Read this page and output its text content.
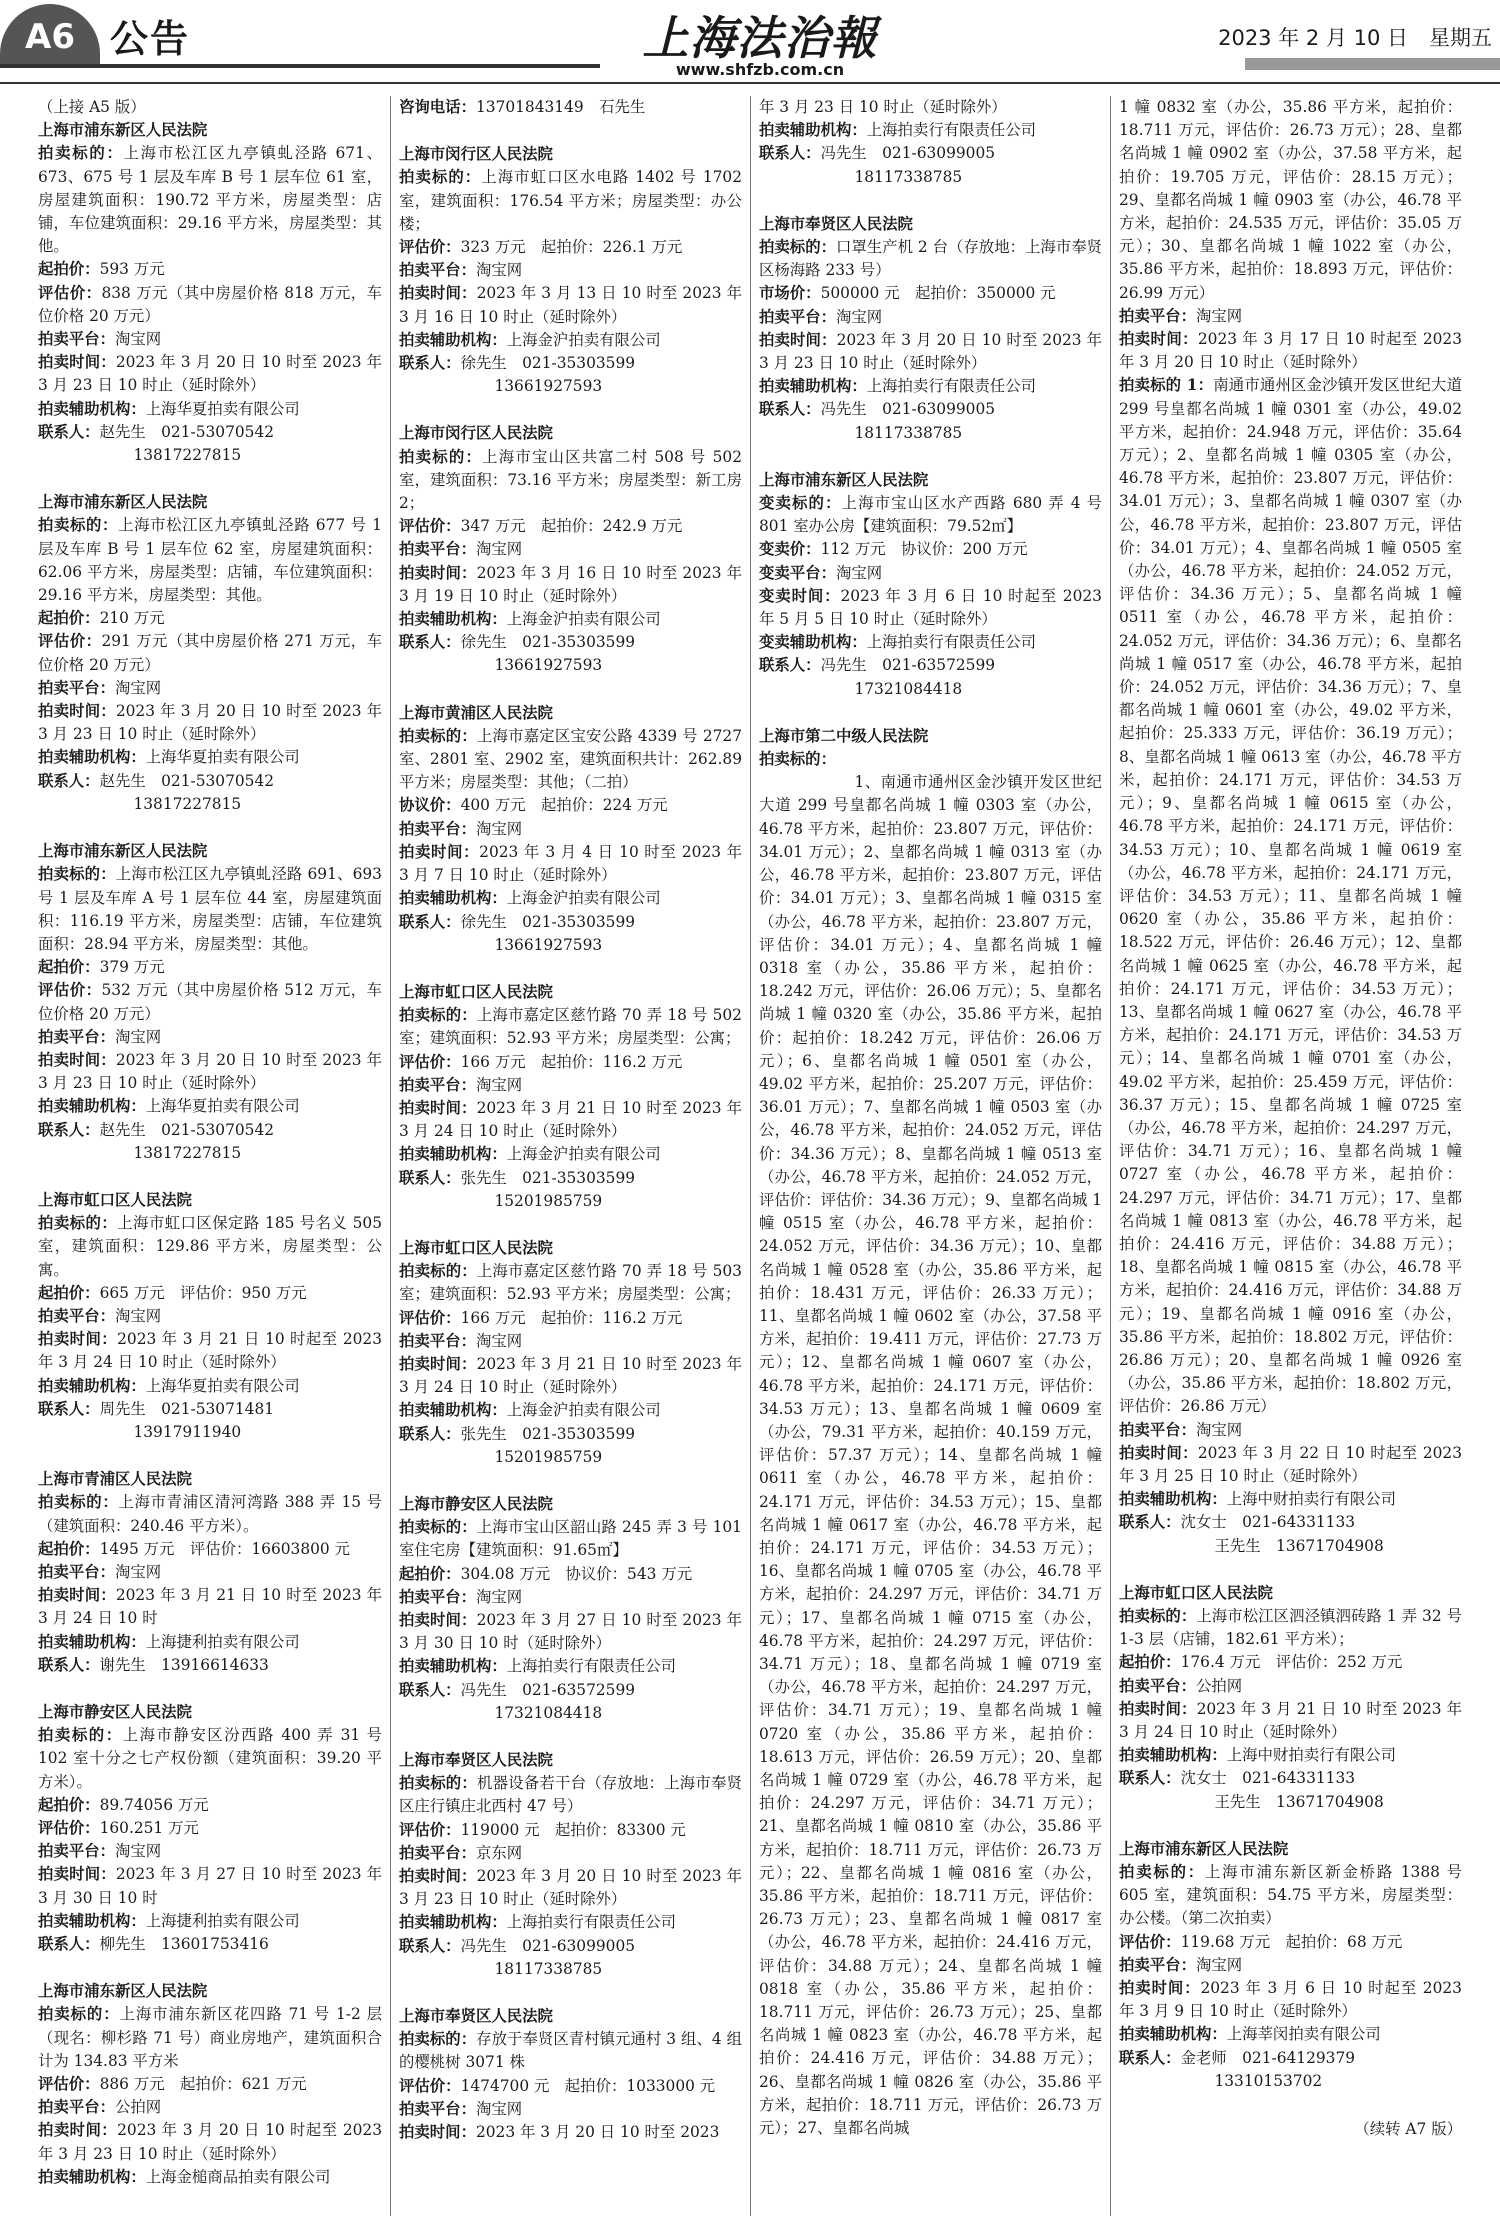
A6 公告	上海法治報
www.shfzb.com.cn
2023 年 2 月 10 日　星期五

（上接 A5 版）

上海市浦东新区人民法院

拍卖标的：上海市松江区九亭镇虬泾路 671、673、675 号 1 层及车库 B 号 1 层车位 61 室，房屋建筑面积：190.72 平方米，房屋类型：店铺，车位建筑面积：29.16 平方米，房屋类型：其他。

起拍价：593 万元

评估价：838 万元（其中房屋价格 818 万元，车位价格 20 万元）

拍卖平台：淘宝网

拍卖时间：2023 年 3 月 20 日 10 时至 2023 年 3 月 23 日 10 时止（延时除外）

拍卖辅助机构：上海华夏拍卖有限公司

联系人：赵先生　021-53070542

13817227815

上海市浦东新区人民法院

拍卖标的：上海市松江区九亭镇虬泾路 677 号 1 层及车库 B 号 1 层车位 62 室，房屋建筑面积：62.06 平方米，房屋类型：店铺，车位建筑面积：29.16 平方米，房屋类型：其他。

起拍价：210 万元

评估价：291 万元（其中房屋价格 271 万元，车位价格 20 万元）

拍卖平台：淘宝网

拍卖时间：2023 年 3 月 20 日 10 时至 2023 年 3 月 23 日 10 时止（延时除外）

拍卖辅助机构：上海华夏拍卖有限公司

联系人：赵先生　021-53070542

13817227815

上海市浦东新区人民法院

拍卖标的：上海市松江区九亭镇虬泾路 691、693 号 1 层及车库 A 号 1 层车位 44 室，房屋建筑面积：116.19 平方米，房屋类型：店铺，车位建筑面积：28.94 平方米，房屋类型：其他。

起拍价：379 万元

评估价：532 万元（其中房屋价格 512 万元，车位价格 20 万元）

拍卖平台：淘宝网

拍卖时间：2023 年 3 月 20 日 10 时至 2023 年 3 月 23 日 10 时止（延时除外）

拍卖辅助机构：上海华夏拍卖有限公司

联系人：赵先生　021-53070542

13817227815

上海市虹口区人民法院

拍卖标的：上海市虹口区保定路 185 号名义 505 室，建筑面积：129.86 平方米，房屋类型：公寓。

起拍价：665 万元　评估价：950 万元

拍卖平台：淘宝网

拍卖时间：2023 年 3 月 21 日 10 时起至 2023 年 3 月 24 日 10 时止（延时除外）

拍卖辅助机构：上海华夏拍卖有限公司

联系人：周先生　021-53071481

13917911940

上海市青浦区人民法院

拍卖标的：上海市青浦区清河湾路 388 弄 15 号（建筑面积：240.46 平方米）。

起拍价：1495 万元　评估价：16603800 元

拍卖平台：淘宝网

拍卖时间：2023 年 3 月 21 日 10 时至 2023 年 3 月 24 日 10 时

拍卖辅助机构：上海捷利拍卖有限公司

联系人：谢先生　13916614633

上海市静安区人民法院

拍卖标的：上海市静安区汾西路 400 弄 31 号 102 室十分之七产权份额（建筑面积：39.20 平方米）。

起拍价：89.74056 万元

评估价：160.251 万元

拍卖平台：淘宝网

拍卖时间：2023 年 3 月 27 日 10 时至 2023 年 3 月 30 日 10 时

拍卖辅助机构：上海捷利拍卖有限公司

联系人：柳先生　13601753416

上海市浦东新区人民法院

拍卖标的：上海市浦东新区花四路 71 号 1-2 层（现名：柳杉路 71 号）商业房地产，建筑面积合计为 134.83 平方米

评估价：886 万元　起拍价：621 万元

拍卖平台：公拍网

拍卖时间：2023 年 3 月 20 日 10 时起至 2023 年 3 月 23 日 10 时止（延时除外）

拍卖辅助机构：上海金槌商品拍卖有限公司

咨询电话：13701843149　石先生

上海市闵行区人民法院

拍卖标的：上海市虹口区水电路 1402 号 1702 室，建筑面积：176.54 平方米；房屋类型：办公楼；

评估价：323 万元　起拍价：226.1 万元

拍卖平台：淘宝网

拍卖时间：2023 年 3 月 13 日 10 时至 2023 年 3 月 16 日 10 时止（延时除外）

拍卖辅助机构：上海金沪拍卖有限公司

联系人：徐先生　021-35303599

13661927593

上海市闵行区人民法院

拍卖标的：上海市宝山区共富二村 508 号 502 室，建筑面积：73.16 平方米；房屋类型：新工房 2；

评估价：347 万元　起拍价：242.9 万元

拍卖平台：淘宝网

拍卖时间：2023 年 3 月 16 日 10 时至 2023 年 3 月 19 日 10 时止（延时除外）

拍卖辅助机构：上海金沪拍卖有限公司

联系人：徐先生　021-35303599

13661927593

上海市黄浦区人民法院

拍卖标的：上海市嘉定区宝安公路 4339 号 2727 室、2801 室、2902 室，建筑面积共计：262.89 平方米；房屋类型：其他；（二拍）

协议价：400 万元　起拍价：224 万元

拍卖平台：淘宝网

拍卖时间：2023 年 3 月 4 日 10 时至 2023 年 3 月 7 日 10 时止（延时除外）

拍卖辅助机构：上海金沪拍卖有限公司

联系人：徐先生　021-35303599

13661927593

上海市虹口区人民法院

拍卖标的：上海市嘉定区慈竹路 70 弄 18 号 502 室；建筑面积：52.93 平方米；房屋类型：公寓；

评估价：166 万元　起拍价：116.2 万元

拍卖平台：淘宝网

拍卖时间：2023 年 3 月 21 日 10 时至 2023 年 3 月 24 日 10 时止（延时除外）

拍卖辅助机构：上海金沪拍卖有限公司

联系人：张先生　021-35303599

15201985759

上海市虹口区人民法院

拍卖标的：上海市嘉定区慈竹路 70 弄 18 号 503 室；建筑面积：52.93 平方米；房屋类型：公寓；

评估价：166 万元　起拍价：116.2 万元

拍卖平台：淘宝网

拍卖时间：2023 年 3 月 21 日 10 时至 2023 年 3 月 24 日 10 时止（延时除外）

拍卖辅助机构：上海金沪拍卖有限公司

联系人：张先生　021-35303599

15201985759

上海市静安区人民法院

拍卖标的：上海市宝山区韶山路 245 弄 3 号 101 室住宅房【建筑面积：91.65㎡】

起拍价：304.08 万元　协议价：543 万元

拍卖平台：淘宝网

拍卖时间：2023 年 3 月 27 日 10 时至 2023 年 3 月 30 日 10 时（延时除外）

拍卖辅助机构：上海拍卖行有限责任公司

联系人：冯先生　021-63572599

17321084418

上海市奉贤区人民法院

拍卖标的：机器设备若干台（存放地：上海市奉贤区庄行镇庄北西村 47 号）

评估价：119000 元　起拍价：83300 元

拍卖平台：京东网

拍卖时间：2023 年 3 月 20 日 10 时至 2023 年 3 月 23 日 10 时止（延时除外）

拍卖辅助机构：上海拍卖行有限责任公司

联系人：冯先生　021-63099005

18117338785

上海市奉贤区人民法院

拍卖标的：存放于奉贤区青村镇元通村 3 组、4 组的樱桃树 3071 株

评估价：1474700 元　起拍价：1033000 元

拍卖平台：淘宝网

拍卖时间：2023 年 3 月 20 日 10 时至 2023

年 3 月 23 日 10 时止（延时除外）

拍卖辅助机构：上海拍卖行有限责任公司

联系人：冯先生　021-63099005

18117338785

上海市奉贤区人民法院

拍卖标的：口罩生产机 2 台（存放地：上海市奉贤区杨海路 233 号）

市场价：500000 元　起拍价：350000 元

拍卖平台：淘宝网

拍卖时间：2023 年 3 月 20 日 10 时至 2023 年 3 月 23 日 10 时止（延时除外）

拍卖辅助机构：上海拍卖行有限责任公司

联系人：冯先生　021-63099005

18117338785

上海市浦东新区人民法院

变卖标的：上海市宝山区水产西路 680 弄 4 号 801 室办公房【建筑面积：79.52㎡】

变卖价：112 万元　协议价：200 万元

变卖平台：淘宝网

变卖时间：2023 年 3 月 6 日 10 时起至 2023 年 5 月 5 日 10 时止（延时除外）

变卖辅助机构：上海拍卖行有限责任公司

联系人：冯先生　021-63572599

17321084418

上海市第二中级人民法院

拍卖标的：

1、南通市通州区金沙镇开发区世纪大道 299 号皇都名尚城 1 幢 0303 室（办公，46.78 平方米，起拍价：23.807 万元，评估价：34.01 万元）；2、皇都名尚城 1 幢 0313 室（办公，46.78 平方米，起拍价：23.807 万元，评估价：34.01 万元）；3、皇都名尚城 1 幢 0315 室（办公，46.78 平方米，起拍价：23.807 万元，评估价：34.01 万元）；4、皇都名尚城 1 幢 0318 室（办公，35.86 平方米，起拍价：18.242 万元，评估价：26.06 万元）；5、皇都名尚城 1 幢 0320 室（办公，35.86 平方米，起拍价：起拍价：18.242 万元，评估价：26.06 万元）；6、皇都名尚城 1 幢 0501 室（办公，49.02 平方米，起拍价：25.207 万元，评估价：36.01 万元）；7、皇都名尚城 1 幢 0503 室（办公，46.78 平方米，起拍价：24.052 万元，评估价：34.36 万元）；8、皇都名尚城 1 幢 0513 室（办公，46.78 平方米，起拍价：24.052 万元，评估价：评估价：34.36 万元）；9、皇都名尚城 1 幢 0515 室（办公，46.78 平方米，起拍价：24.052 万元，评估价：34.36 万元）；10、皇都名尚城 1 幢 0528 室（办公，35.86 平方米，起拍价：18.431 万元，评估价：26.33 万元）；11、皇都名尚城 1 幢 0602 室（办公，37.58 平方米，起拍价：19.411 万元，评估价：27.73 万元）；12、皇都名尚城 1 幢 0607 室（办公，46.78 平方米，起拍价：24.171 万元，评估价：34.53 万元）；13、皇都名尚城 1 幢 0609 室（办公，79.31 平方米，起拍价：40.159 万元，评估价：57.37 万元）；14、皇都名尚城 1 幢 0611 室（办公，46.78 平方米，起拍价：24.171 万元，评估价：34.53 万元）；15、皇都名尚城 1 幢 0617 室（办公，46.78 平方米，起拍价：24.171 万元，评估价：34.53 万元）；16、皇都名尚城 1 幢 0705 室（办公，46.78 平方米，起拍价：24.297 万元，评估价：34.71 万元）；17、皇都名尚城 1 幢 0715 室（办公，46.78 平方米，起拍价：24.297 万元，评估价：34.71 万元）；18、皇都名尚城 1 幢 0719 室（办公，46.78 平方米，起拍价：24.297 万元，评估价：34.71 万元）；19、皇都名尚城 1 幢 0720 室（办公，35.86 平方米，起拍价：18.613 万元，评估价：26.59 万元）；20、皇都名尚城 1 幢 0729 室（办公，46.78 平方米，起拍价：24.297 万元，评估价：34.71 万元）；21、皇都名尚城 1 幢 0810 室（办公，35.86 平方米，起拍价：18.711 万元，评估价：26.73 万元）；22、皇都名尚城 1 幢 0816 室（办公，35.86 平方米，起拍价：18.711 万元，评估价：26.73 万元）；23、皇都名尚城 1 幢 0817 室（办公，46.78 平方米，起拍价：24.416 万元，评估价：34.88 万元）；24、皇都名尚城 1 幢 0818 室（办公，35.86 平方米，起拍价：18.711 万元，评估价：26.73 万元）；25、皇都名尚城 1 幢 0823 室（办公，46.78 平方米，起拍价：24.416 万元，评估价：34.88 万元）；26、皇都名尚城 1 幢 0826 室（办公，35.86 平方米，起拍价：18.711 万元，评估价：26.73 万元）；27、皇都名尚城

1 幢 0832 室（办公，35.86 平方米，起拍价：18.711 万元，评估价：26.73 万元）；28、皇都名尚城 1 幢 0902 室（办公，37.58 平方米，起拍价：19.705 万元，评估价：28.15 万元）；29、皇都名尚城 1 幢 0903 室（办公，46.78 平方米，起拍价：24.535 万元，评估价：35.05 万元）；30、皇都名尚城 1 幢 1022 室（办公，35.86 平方米，起拍价：18.893 万元，评估价：26.99 万元）

拍卖平台：淘宝网

拍卖时间：2023 年 3 月 17 日 10 时起至 2023 年 3 月 20 日 10 时止（延时除外）

拍卖标的 1：南通市通州区金沙镇开发区世纪大道 299 号皇都名尚城 1 幢 0301 室（办公，49.02 平方米，起拍价：24.948 万元，评估价：35.64 万元）；2、皇都名尚城 1 幢 0305 室（办公，46.78 平方米，起拍价：23.807 万元，评估价：34.01 万元）；3、皇都名尚城 1 幢 0307 室（办公，46.78 平方米，起拍价：23.807 万元，评估价：34.01 万元）；4、皇都名尚城 1 幢 0505 室（办公，46.78 平方米，起拍价：24.052 万元，评估价：34.36 万元）；5、皇都名尚城 1 幢 0511 室（办公，46.78 平方米，起拍价：24.052 万元，评估价：34.36 万元）；6、皇都名尚城 1 幢 0517 室（办公，46.78 平方米，起拍价：24.052 万元，评估价：34.36 万元）；7、皇都名尚城 1 幢 0601 室（办公，49.02 平方米，起拍价：25.333 万元，评估价：36.19 万元）；8、皇都名尚城 1 幢 0613 室（办公，46.78 平方米，起拍价：24.171 万元，评估价：34.53 万元）；9、皇都名尚城 1 幢 0615 室（办公，46.78 平方米，起拍价：24.171 万元，评估价：34.53 万元）；10、皇都名尚城 1 幢 0619 室（办公，46.78 平方米，起拍价：24.171 万元，评估价：34.53 万元）；11、皇都名尚城 1 幢 0620 室（办公，35.86 平方米，起拍价：18.522 万元，评估价：26.46 万元）；12、皇都名尚城 1 幢 0625 室（办公，46.78 平方米，起拍价：24.171 万元，评估价：34.53 万元）；13、皇都名尚城 1 幢 0627 室（办公，46.78 平方米，起拍价：24.171 万元，评估价：34.53 万元）；14、皇都名尚城 1 幢 0701 室（办公，49.02 平方米，起拍价：25.459 万元，评估价：36.37 万元）；15、皇都名尚城 1 幢 0725 室（办公，46.78 平方米，起拍价：24.297 万元，评估价：34.71 万元）；16、皇都名尚城 1 幢 0727 室（办公，46.78 平方米，起拍价：24.297 万元，评估价：34.71 万元）；17、皇都名尚城 1 幢 0813 室（办公，46.78 平方米，起拍价：24.416 万元，评估价：34.88 万元）；18、皇都名尚城 1 幢 0815 室（办公，46.78 平方米，起拍价：24.416 万元，评估价：34.88 万元）；19、皇都名尚城 1 幢 0916 室（办公，35.86 平方米，起拍价：18.802 万元，评估价：26.86 万元）；20、皇都名尚城 1 幢 0926 室（办公，35.86 平方米，起拍价：18.802 万元，评估价：26.86 万元）

拍卖平台：淘宝网

拍卖时间：2023 年 3 月 22 日 10 时起至 2023 年 3 月 25 日 10 时止（延时除外）

拍卖辅助机构：上海中财拍卖行有限公司

联系人：沈女士　021-64331133

王先生　13671704908

上海市虹口区人民法院

拍卖标的：上海市松江区泗泾镇泗砖路 1 弄 32 号 1-3 层（店铺，182.61 平方米）；

起拍价：176.4 万元　评估价：252 万元

拍卖平台：公拍网

拍卖时间：2023 年 3 月 21 日 10 时至 2023 年 3 月 24 日 10 时止（延时除外）

拍卖辅助机构：上海中财拍卖行有限公司

联系人：沈女士　021-64331133

王先生　13671704908

上海市浦东新区人民法院

拍卖标的：上海市浦东新区新金桥路 1388 号 605 室，建筑面积：54.75 平方米，房屋类型：办公楼。（第二次拍卖）

评估价：119.68 万元　起拍价：68 万元

拍卖平台：淘宝网

拍卖时间：2023 年 3 月 6 日 10 时起至 2023 年 3 月 9 日 10 时止（延时除外）

拍卖辅助机构：上海莘闵拍卖有限公司

联系人：金老师　021-64129379

13310153702

（续转 A7 版）
